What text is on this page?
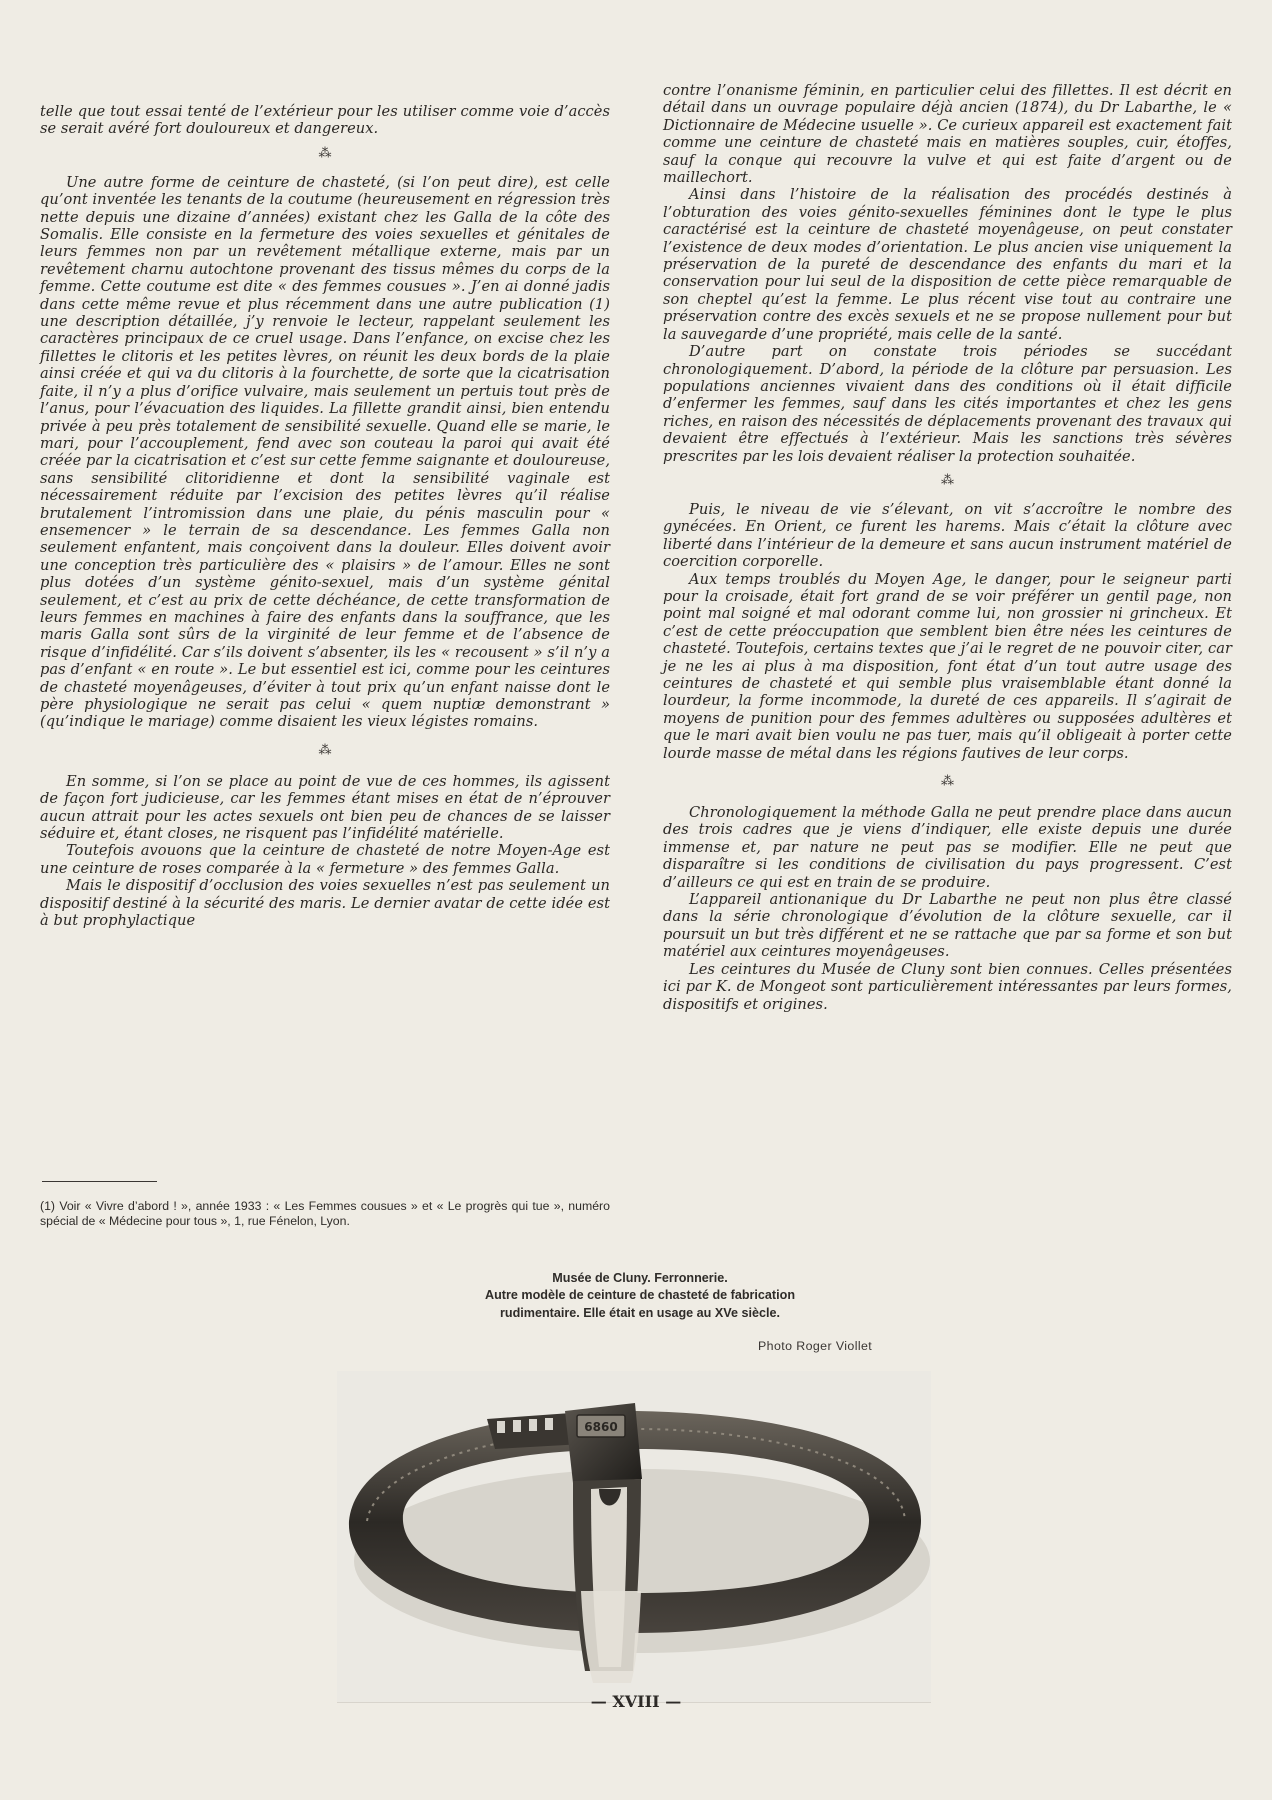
telle que tout essai tenté de l’extérieur pour les utiliser comme voie d’accès se serait avéré fort douloureux et dangereux.

⁂

Une autre forme de ceinture de chasteté, (si l’on peut dire), est celle qu’ont inventée les tenants de la coutume (heureusement en régression très nette depuis une dizaine d’années) existant chez les Galla de la côte des Somalis. Elle consiste en la fermeture des voies sexuelles et génitales de leurs femmes non par un revêtement métallique externe, mais par un revêtement charnu autochtone provenant des tissus mêmes du corps de la femme. Cette coutume est dite « des femmes cousues ». J’en ai donné jadis dans cette même revue et plus récemment dans une autre publication (1) une description détaillée, j’y renvoie le lecteur, rappelant seulement les caractères principaux de ce cruel usage. Dans l’enfance, on excise chez les fillettes le clitoris et les petites lèvres, on réunit les deux bords de la plaie ainsi créée et qui va du clitoris à la fourchette, de sorte que la cicatrisation faite, il n’y a plus d’orifice vulvaire, mais seulement un pertuis tout près de l’anus, pour l’évacuation des liquides. La fillette grandit ainsi, bien entendu privée à peu près totalement de sensibilité sexuelle. Quand elle se marie, le mari, pour l’accouplement, fend avec son couteau la paroi qui avait été créée par la cicatrisation et c’est sur cette femme saignante et douloureuse, sans sensibilité clitoridienne et dont la sensibilité vaginale est nécessairement réduite par l’excision des petites lèvres qu’il réalise brutalement l’intromission dans une plaie, du pénis masculin pour « ensemencer » le terrain de sa descendance. Les femmes Galla non seulement enfantent, mais conçoivent dans la douleur. Elles doivent avoir une conception très particulière des « plaisirs » de l’amour. Elles ne sont plus dotées d’un système génito-sexuel, mais d’un système génital seulement, et c’est au prix de cette déchéance, de cette transformation de leurs femmes en machines à faire des enfants dans la souffrance, que les maris Galla sont sûrs de la virginité de leur femme et de l’absence de risque d’infidélité. Car s’ils doivent s’absenter, ils les « recousent » s’il n’y a pas d’enfant « en route ». Le but essentiel est ici, comme pour les ceintures de chasteté moyenâgeuses, d’éviter à tout prix qu’un enfant naisse dont le père physiologique ne serait pas celui « quem nuptiæ demonstrant » (qu’indique le mariage) comme disaient les vieux légistes romains.

⁂

En somme, si l’on se place au point de vue de ces hommes, ils agissent de façon fort judicieuse, car les femmes étant mises en état de n’éprouver aucun attrait pour les actes sexuels ont bien peu de chances de se laisser séduire et, étant closes, ne risquent pas l’infidélité matérielle.

Toutefois avouons que la ceinture de chasteté de notre Moyen-Age est une ceinture de roses comparée à la « fermeture » des femmes Galla.

Mais le dispositif d’occlusion des voies sexuelles n’est pas seulement un dispositif destiné à la sécurité des maris. Le dernier avatar de cette idée est à but prophylactique

(1) Voir « Vivre d’abord ! », année 1933 : « Les Femmes cousues » et « Le progrès qui tue », numéro spécial de « Médecine pour tous », 1, rue Fénelon, Lyon.

contre l’onanisme féminin, en particulier celui des fillettes. Il est décrit en détail dans un ouvrage populaire déjà ancien (1874), du Dr Labarthe, le « Dictionnaire de Médecine usuelle ». Ce curieux appareil est exactement fait comme une ceinture de chasteté mais en matières souples, cuir, étoffes, sauf la conque qui recouvre la vulve et qui est faite d’argent ou de maillechort.

Ainsi dans l’histoire de la réalisation des procédés destinés à l’obturation des voies génito-sexuelles féminines dont le type le plus caractérisé est la ceinture de chasteté moyenâgeuse, on peut constater l’existence de deux modes d’orientation. Le plus ancien vise uniquement la préservation de la pureté de descendance des enfants du mari et la conservation pour lui seul de la disposition de cette pièce remarquable de son cheptel qu’est la femme. Le plus récent vise tout au contraire une préservation contre des excès sexuels et ne se propose nullement pour but la sauvegarde d’une propriété, mais celle de la santé.

D’autre part on constate trois périodes se succédant chronologiquement. D’abord, la période de la clôture par persuasion. Les populations anciennes vivaient dans des conditions où il était difficile d’enfermer les femmes, sauf dans les cités importantes et chez les gens riches, en raison des nécessités de déplacements provenant des travaux qui devaient être effectués à l’extérieur. Mais les sanctions très sévères prescrites par les lois devaient réaliser la protection souhaitée.

⁂

Puis, le niveau de vie s’élevant, on vit s’accroître le nombre des gynécées. En Orient, ce furent les harems. Mais c’était la clôture avec liberté dans l’intérieur de la demeure et sans aucun instrument matériel de coercition corporelle.

Aux temps troublés du Moyen Age, le danger, pour le seigneur parti pour la croisade, était fort grand de se voir préférer un gentil page, non point mal soigné et mal odorant comme lui, non grossier ni grincheux. Et c’est de cette préoccupation que semblent bien être nées les ceintures de chasteté. Toutefois, certains textes que j’ai le regret de ne pouvoir citer, car je ne les ai plus à ma disposition, font état d’un tout autre usage des ceintures de chasteté et qui semble plus vraisemblable étant donné la lourdeur, la forme incommode, la dureté de ces appareils. Il s’agirait de moyens de punition pour des femmes adultères ou supposées adultères et que le mari avait bien voulu ne pas tuer, mais qu’il obligeait à porter cette lourde masse de métal dans les régions fautives de leur corps.

⁂

Chronologiquement la méthode Galla ne peut prendre place dans aucun des trois cadres que je viens d’indiquer, elle existe depuis une durée immense et, par nature ne peut pas se modifier. Elle ne peut que disparaître si les conditions de civilisation du pays progressent. C’est d’ailleurs ce qui est en train de se produire.

L’appareil antionanique du Dr Labarthe ne peut non plus être classé dans la série chronologique d’évolution de la clôture sexuelle, car il poursuit un but très différent et ne se rattache que par sa forme et son but matériel aux ceintures moyenâgeuses.

Les ceintures du Musée de Cluny sont bien connues. Celles présentées ici par K. de Mongeot sont particulièrement intéressantes par leurs formes, dispositifs et origines.

Musée de Cluny. Ferronnerie.
Autre modèle de ceinture de chasteté de fabrication
rudimentaire. Elle était en usage au XVe siècle.
Photo Roger Viollet
6860
— XVIII —
